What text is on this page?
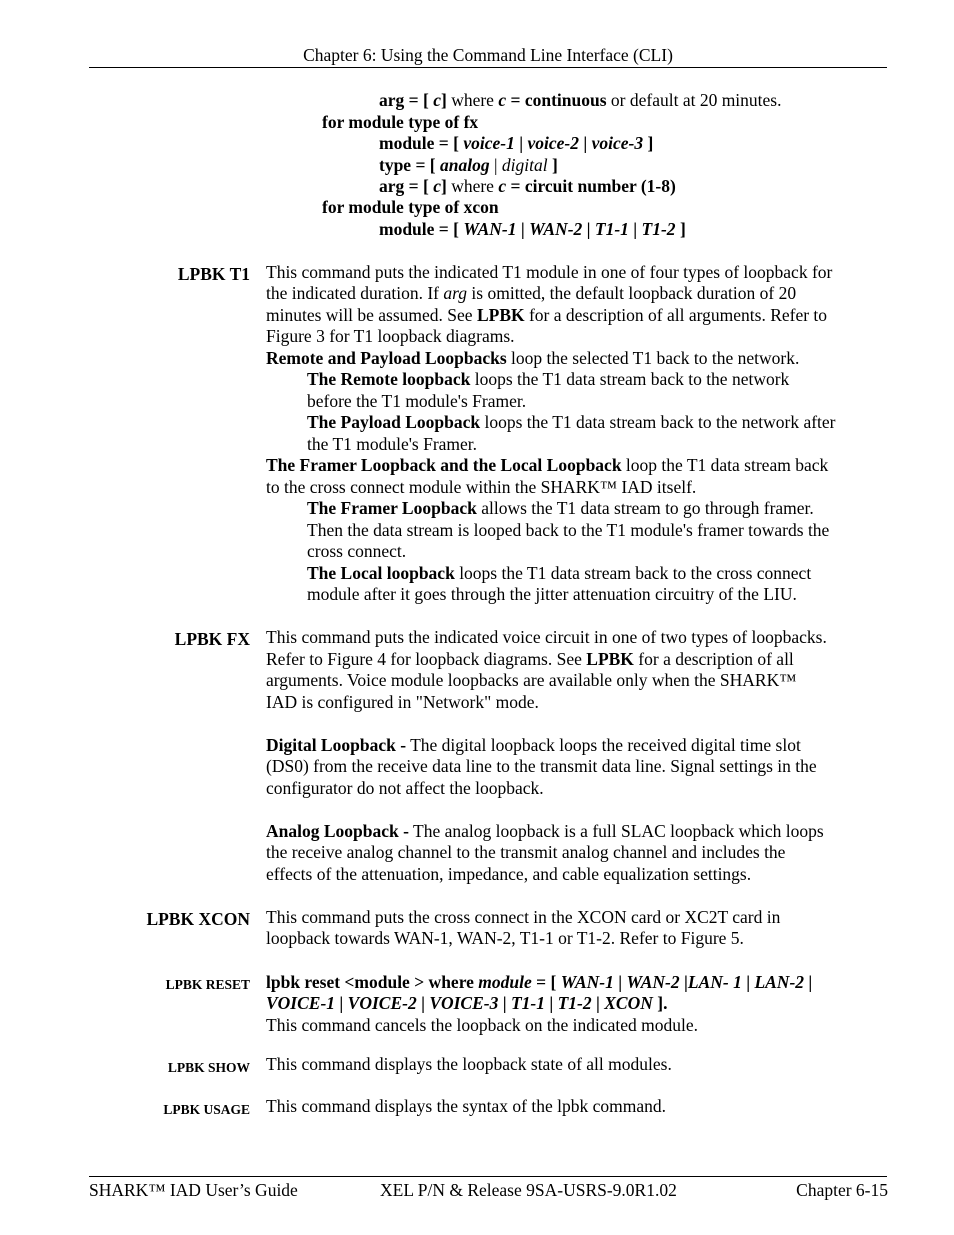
Chapter 6: Using the Command Line Interface (CLI)
arg = [ c] where c = continuous or default at 20 minutes.
for module type of fx
module = [ voice-1 | voice-2 | voice-3 ]
type = [ analog | digital ]
arg = [ c] where c = circuit number (1-8)
for module type of xcon
module = [ WAN-1 | WAN-2 | T1-1 | T1-2 ]
LPBK T1 This command puts the indicated T1 module in one of four types of loopback for
the indicated duration. If arg is omitted, the default loopback duration of 20
minutes will be assumed. See LPBK for a description of all arguments. Refer to
Figure 3 for T1 loopback diagrams.
Remote and Payload Loopbacks loop the selected T1 back to the network.
The Remote loopback loops the T1 data stream back to the network
before the T1 module's Framer.
The Payload Loopback loops the T1 data stream back to the network after
the T1 module's Framer.
The Framer Loopback and the Local Loopback loop the T1 data stream back
to the cross connect module within the SHARK™ IAD itself.
The Framer Loopback allows the T1 data stream to go through framer.
Then the data stream is looped back to the T1 module's framer towards the
cross connect.
The Local loopback loops the T1 data stream back to the cross connect
module after it goes through the jitter attenuation circuitry of the LIU.
LPBK FX This command puts the indicated voice circuit in one of two types of loopbacks.
Refer to Figure 4 for loopback diagrams. See LPBK for a description of all
arguments. Voice module loopbacks are available only when the SHARK™
IAD is configured in "Network" mode.
Digital Loopback - The digital loopback loops the received digital time slot
(DS0) from the receive data line to the transmit data line. Signal settings in the
configurator do not affect the loopback.
Analog Loopback - The analog loopback is a full SLAC loopback which loops
the receive analog channel to the transmit analog channel and includes the
effects of the attenuation, impedance, and cable equalization settings.
LPBK XCON This command puts the cross connect in the XCON card or XC2T card in
loopback towards WAN-1, WAN-2, T1-1 or T1-2. Refer to Figure 5.
LPBK RESET lpbk reset <module > where module = [ WAN-1 | WAN-2 |LAN- 1 | LAN-2 |
VOICE-1 | VOICE-2 | VOICE-3 | T1-1 | T1-2 | XCON ].
This command cancels the loopback on the indicated module.
LPBK SHOW This command displays the loopback state of all modules.
LPBK USAGE This command displays the syntax of the lpbk command.
SHARK™ IAD User’s Guide	XEL P/N & Release 9SA-USRS-9.0R1.02	Chapter 6-15
